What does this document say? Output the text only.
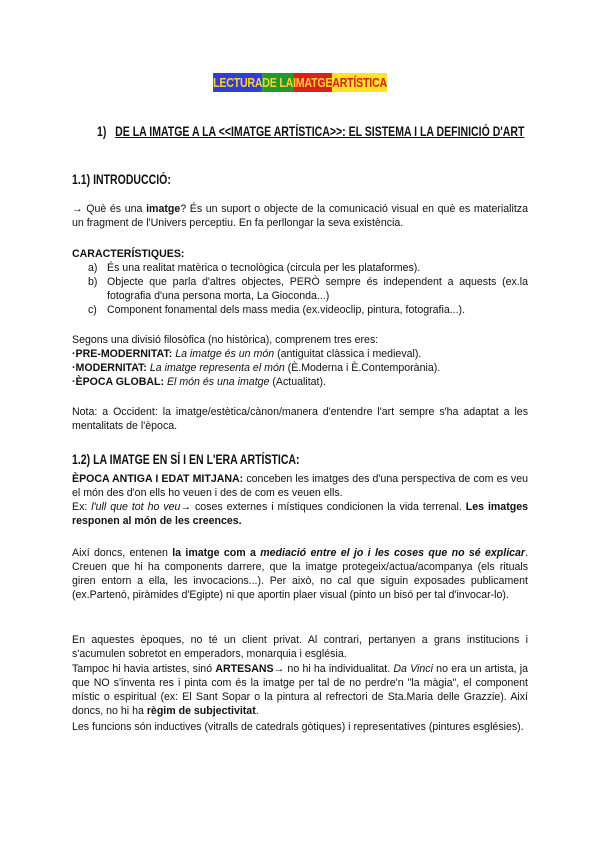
LECTURADE LAIMATGEARTÍSTICA
1) DE LA IMATGE A LA <<IMATGE ARTÍSTICA>>: EL SISTEMA I LA DEFINICIÓ D'ART
1.1) INTRODUCCIÓ:
→ Què és una imatge? És un suport o objecte de la comunicació visual en què es materialitza un fragment de l'Univers perceptiu. En fa perllongar la seva existència.
CARACTERÍSTIQUES:
a) És una realitat matèrica o tecnològica (circula per les plataformes).
b) Objecte que parla d'altres objectes, PERÒ sempre és independent a aquests (ex.la fotografia d'una persona morta, La Gioconda...)
c) Component fonamental dels mass media (ex.videoclip, pintura, fotografia...).
Segons una divisió filosòfica (no històrica), comprenem tres eres:
·PRE-MODERNITAT: La imatge és un món (antiguitat clàssica i medieval).
·MODERNITAT: La imatge representa el món (È.Moderna i È.Contemporània).
·ÈPOCA GLOBAL: El món és una imatge (Actualitat).
Nota: a Occident: la imatge/estètica/cànon/manera d'entendre l'art sempre s'ha adaptat a les mentalitats de l'època.
1.2) LA IMATGE EN SÍ I EN L'ERA ARTÍSTICA:
ÈPOCA ANTIGA I EDAT MITJANA: conceben les imatges des d'una perspectiva de com es veu el món des d'on ells ho veuen i des de com es veuen ells.
Ex: l'ull que tot ho veu→ coses externes i místiques condicionen la vida terrenal. Les imatges responen al món de les creences.
Així doncs, entenen la imatge com a mediació entre el jo i les coses que no sé explicar. Creuen que hi ha components darrere, que la imatge protegeix/actua/acompanya (els rituals giren entorn a ella, les invocacions...). Per això, no cal que siguin exposades publicament (ex.Partenó, piràmides d'Egipte) ni que aportin plaer visual (pinto un bisó per tal d'invocar-lo).
En aquestes èpoques, no té un client privat. Al contrari, pertanyen a grans institucions i s'acumulen sobretot en emperadors, monarquia i església.
Tampoc hi havia artistes, sinó ARTESANS→ no hi ha individualitat. Da Vinci no era un artista, ja que NO s'inventa res i pinta com és la imatge per tal de no perdre'n "la màgia", el component místic o espiritual (ex: El Sant Sopar o la pintura al refrectori de Sta.Maria delle Grazzie). Així doncs, no hi ha règim de subjectivitat.
Les funcions són inductives (vitralls de catedrals gòtiques) i representatives (pintures esglésies).
